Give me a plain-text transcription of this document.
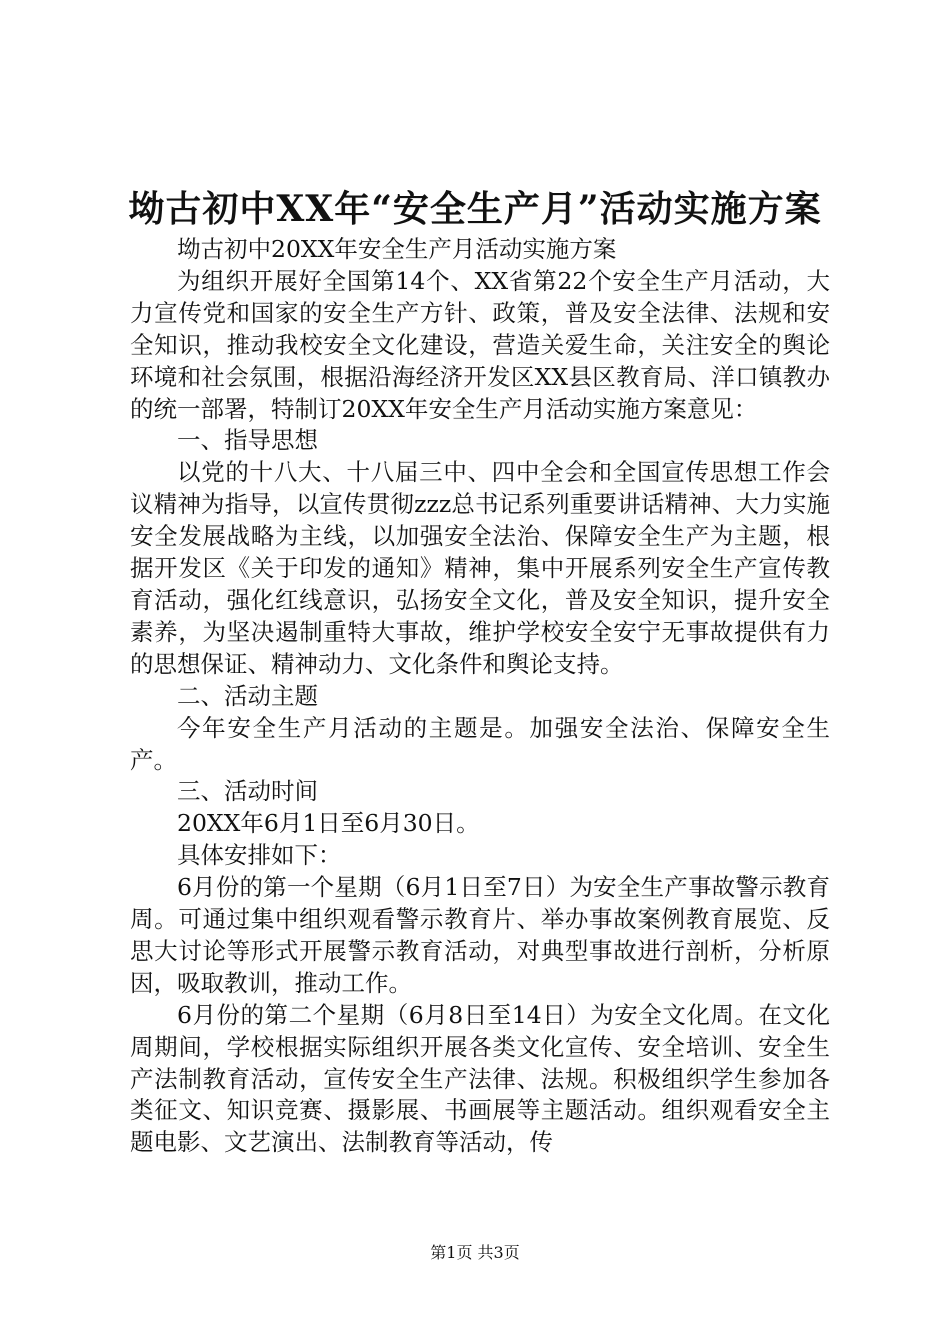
坳古初中XX年“安全生产月”活动实施方案

坳古初中20XX年安全生产月活动实施方案

为组织开展好全国第14个、XX省第22个安全生产月活动，大力宣传党和国家的安全生产方针、政策，普及安全法律、法规和安全知识，推动我校安全文化建设，营造关爱生命，关注安全的舆论环境和社会氛围，根据沿海经济开发区XX县区教育局、洋口镇教办的统一部署，特制订20XX年安全生产月活动实施方案意见：

一、指导思想

以党的十八大、十八届三中、四中全会和全国宣传思想工作会议精神为指导，以宣传贯彻zzz总书记系列重要讲话精神、大力实施安全发展战略为主线，以加强安全法治、保障安全生产为主题，根据开发区《关于印发的通知》精神，集中开展系列安全生产宣传教育活动，强化红线意识，弘扬安全文化，普及安全知识，提升安全素养，为坚决遏制重特大事故，维护学校安全安宁无事故提供有力的思想保证、精神动力、文化条件和舆论支持。

二、活动主题

今年安全生产月活动的主题是。加强安全法治、保障安全生产。

三、活动时间

20XX年6月1日至6月30日。

具体安排如下：

6月份的第一个星期（6月1日至7日）为安全生产事故警示教育周。可通过集中组织观看警示教育片、举办事故案例教育展览、反思大讨论等形式开展警示教育活动，对典型事故进行剖析，分析原因，吸取教训，推动工作。

6月份的第二个星期（6月8日至14日）为安全文化周。在文化周期间，学校根据实际组织开展各类文化宣传、安全培训、安全生产法制教育活动，宣传安全生产法律、法规。积极组织学生参加各类征文、知识竞赛、摄影展、书画展等主题活动。组织观看安全主题电影、文艺演出、法制教育等活动，传

第1页 共3页
